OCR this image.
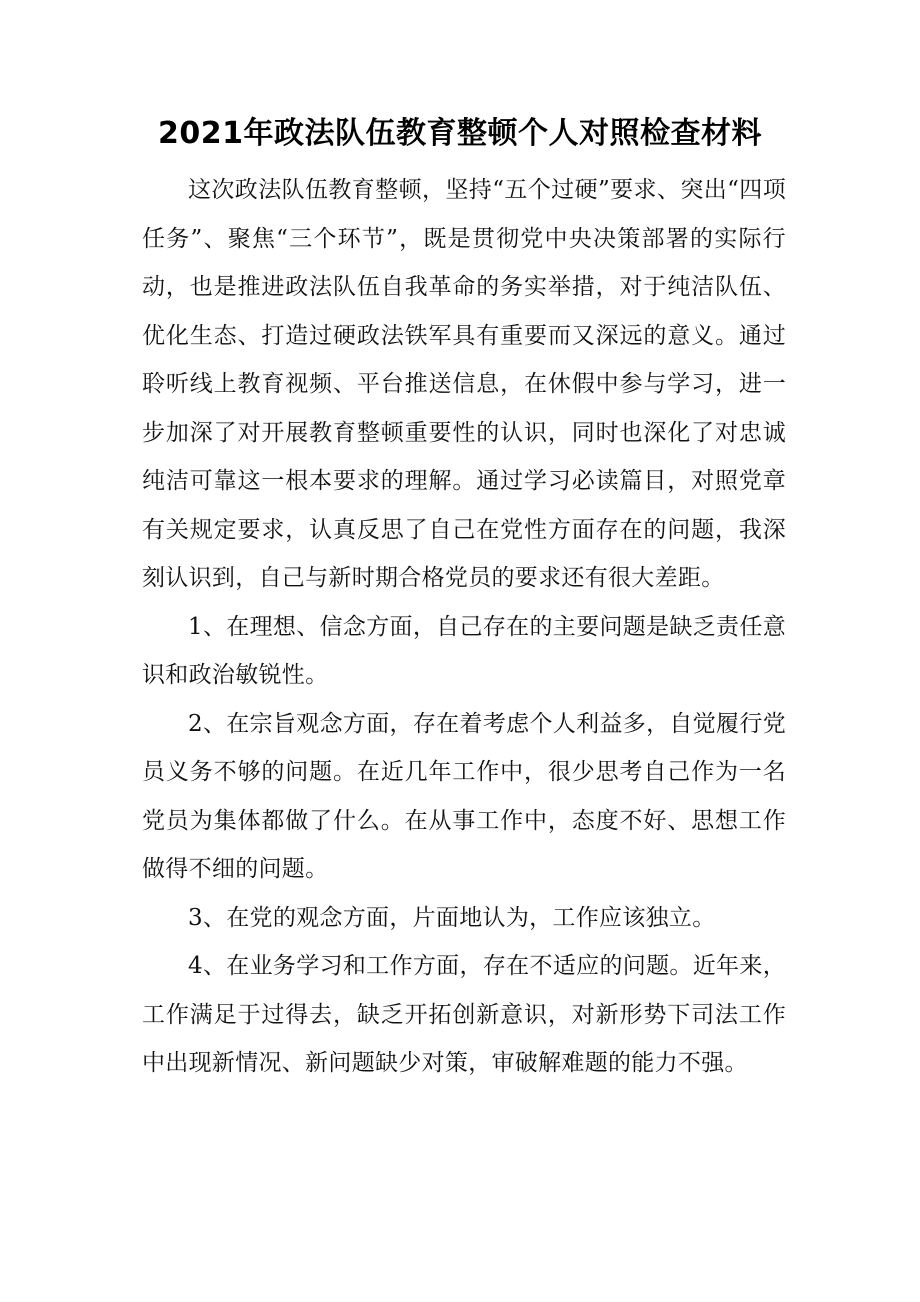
2021年政法队伍教育整顿个人对照检查材料

这次政法队伍教育整顿，坚持“五个过硬”要求、突出“四项任务”、聚焦“三个环节”，既是贯彻党中央决策部署的实际行动，也是推进政法队伍自我革命的务实举措，对于纯洁队伍、优化生态、打造过硬政法铁军具有重要而又深远的意义。通过聆听线上教育视频、平台推送信息，在休假中参与学习，进一步加深了对开展教育整顿重要性的认识，同时也深化了对忠诚纯洁可靠这一根本要求的理解。通过学习必读篇目，对照党章有关规定要求，认真反思了自己在党性方面存在的问题，我深刻认识到，自己与新时期合格党员的要求还有很大差距。

1、在理想、信念方面，自己存在的主要问题是缺乏责任意识和政治敏锐性。

2、在宗旨观念方面，存在着考虑个人利益多，自觉履行党员义务不够的问题。在近几年工作中，很少思考自己作为一名党员为集体都做了什么。在从事工作中，态度不好、思想工作做得不细的问题。

3、在党的观念方面，片面地认为，工作应该独立。

4、在业务学习和工作方面，存在不适应的问题。近年来，工作满足于过得去，缺乏开拓创新意识，对新形势下司法工作中出现新情况、新问题缺少对策，审破解难题的能力不强。
